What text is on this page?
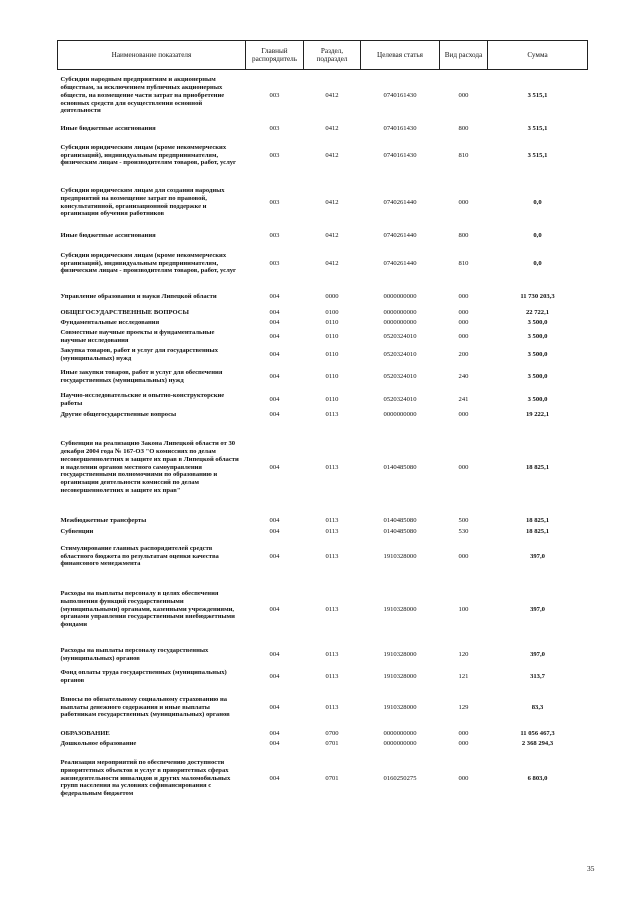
Наименование показателя	Главный распорядитель	Раздел, подраздел	Целевая статья	Вид расхода	Сумма
Субсидии народным предприятиям и акционерным обществам, за исключением публичных акционерных обществ, на возмещение части затрат на приобретение основных средств для осуществления основной деятельности	003	0412	0740161430	000	3 515,1
Иные бюджетные ассигнования	003	0412	0740161430	800	3 515,1
Субсидии юридическим лицам (кроме некоммерческих организаций), индивидуальным предпринимателям, физическим лицам - производителям товаров, работ, услуг	003	0412	0740161430	810	3 515,1
Субсидии юридическим лицам для создания народных предприятий на возмещение затрат по правовой, консультативной, организационной поддержке и организации обучения работников	003	0412	0740261440	000	0,0
Иные бюджетные ассигнования	003	0412	0740261440	800	0,0
Субсидии юридическим лицам (кроме некоммерческих организаций), индивидуальным предпринимателям, физическим лицам - производителям товаров, работ, услуг	003	0412	0740261440	810	0,0
Управление образования и науки Липецкой области	004	0000	0000000000	000	11 730 203,3
ОБЩЕГОСУДАРСТВЕННЫЕ ВОПРОСЫ	004	0100	0000000000	000	22 722,1
Фундаментальные исследования	004	0110	0000000000	000	3 500,0
Совместные научные проекты и фундаментальные научные исследования	004	0110	0520324010	000	3 500,0
Закупка товаров, работ и услуг для государственных (муниципальных) нужд	004	0110	0520324010	200	3 500,0
Иные закупки товаров, работ и услуг для обеспечения государственных (муниципальных) нужд	004	0110	0520324010	240	3 500,0
Научно-исследовательские и опытно-конструкторские работы	004	0110	0520324010	241	3 500,0
Другие общегосударственные вопросы	004	0113	0000000000	000	19 222,1
Субвенция на реализацию Закона Липецкой области от 30 декабря 2004 года № 167-ОЗ "О комиссиях по делам несовершеннолетних и защите их прав в Липецкой области и наделении органов местного самоуправления государственными полномочиями по образованию и организации деятельности комиссий по делам несовершеннолетних и защите их прав"	004	0113	0140485080	000	18 825,1
Межбюджетные трансферты	004	0113	0140485080	500	18 825,1
Субвенции	004	0113	0140485080	530	18 825,1
Стимулирование главных распорядителей средств областного бюджета по результатам оценки качества финансового менеджмента	004	0113	1910328000	000	397,0
Расходы на выплаты персоналу в целях обеспечения выполнения функций государственными (муниципальными) органами, казенными учреждениями, органами управления государственными внебюджетными фондами	004	0113	1910328000	100	397,0
Расходы на выплаты персоналу государственных (муниципальных) органов	004	0113	1910328000	120	397,0
Фонд оплаты труда государственных (муниципальных) органов	004	0113	1910328000	121	313,7
Взносы по обязательному социальному страхованию на выплаты денежного содержания и иные выплаты работникам государственных (муниципальных) органов	004	0113	1910328000	129	83,3
ОБРАЗОВАНИЕ	004	0700	0000000000	000	11 056 467,3
Дошкольное образование	004	0701	0000000000	000	2 368 294,3
Реализация мероприятий по обеспечению доступности приоритетных объектов и услуг в приоритетных сферах жизнедеятельности инвалидов и других маломобильных групп населения на условиях софинансирования с федеральным бюджетом	004	0701	0160250275	000	6 803,0
35
